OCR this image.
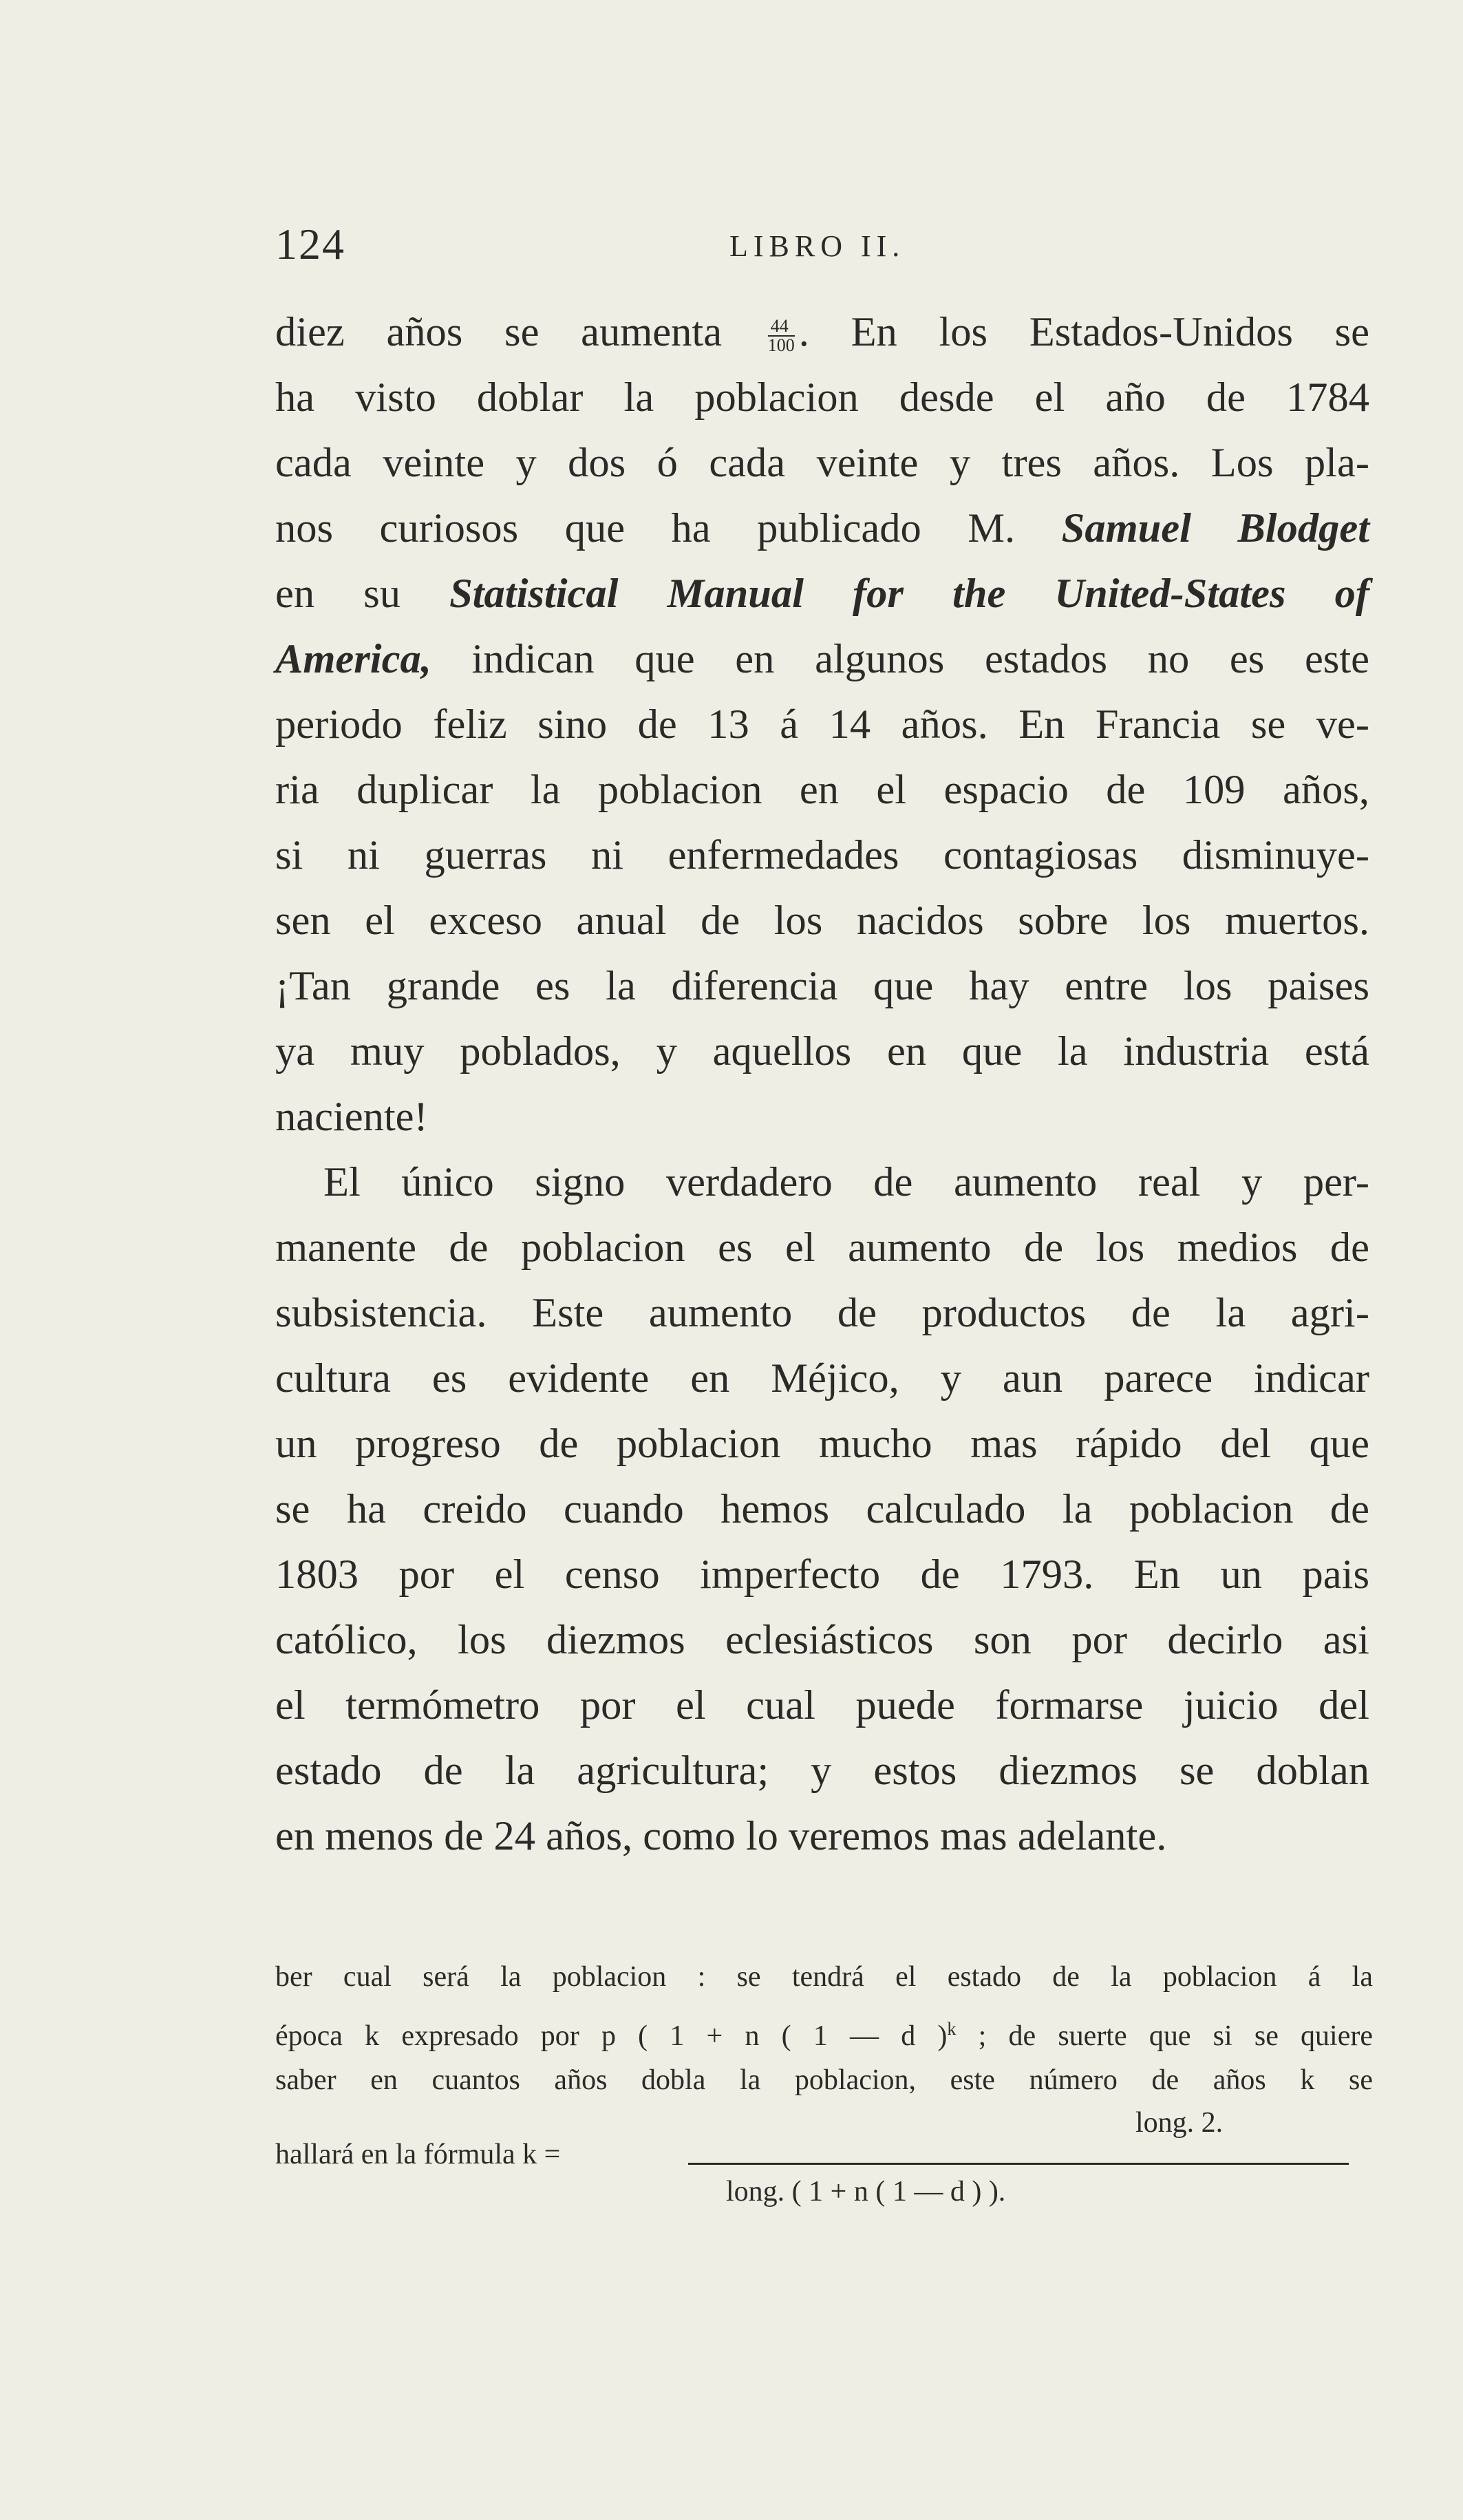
124	LIBRO II.
diez años se aumenta	$\frac{44}{100}$ . En los Estados-Unidos se
ha visto doblar la poblacion desde el año de 1784
cada veinte y dos ó cada veinte y tres años. Los pla-
nos curiosos que ha publicado M. Samuel Blodget
en su Statistical Manual for the United-States of
America, indican que en algunos estados no es este
periodo feliz sino de 13 á 14 años. En Francia se ve-
ria duplicar la poblacion en el espacio de 109 años,
si ni guerras ni enfermedades contagiosas disminuye-
sen el exceso anual de los nacidos sobre los muertos.
¡Tan grande es la diferencia que hay entre los paises
ya muy poblados, y aquellos en que la industria está
naciente!
El único signo verdadero de aumento real y per-
manente de poblacion es el aumento de los medios de
subsistencia. Este aumento de productos de la agri-
cultura es evidente en Méjico, y aun parece indicar
un progreso de poblacion mucho mas rápido del que
se ha creido cuando hemos calculado la poblacion de
1803 por el censo imperfecto de 1793. En un pais
católico, los diezmos eclesiásticos son por decirlo asi
el termómetro por el cual puede formarse juicio del
estado de la agricultura; y estos diezmos se doblan
en menos de 24 años, como lo veremos mas adelante.
ber cual será la poblacion : se tendrá el estado de la poblacion á la
época k expresado por p ( 1 + n ( 1 — d )$^k$ ; de suerte que si se quiere
saber en cuantos años dobla la poblacion, este número de años k se
hallará en la fórmula k =
long. 2.
long. ( 1 + n ( 1 — d ) ).
